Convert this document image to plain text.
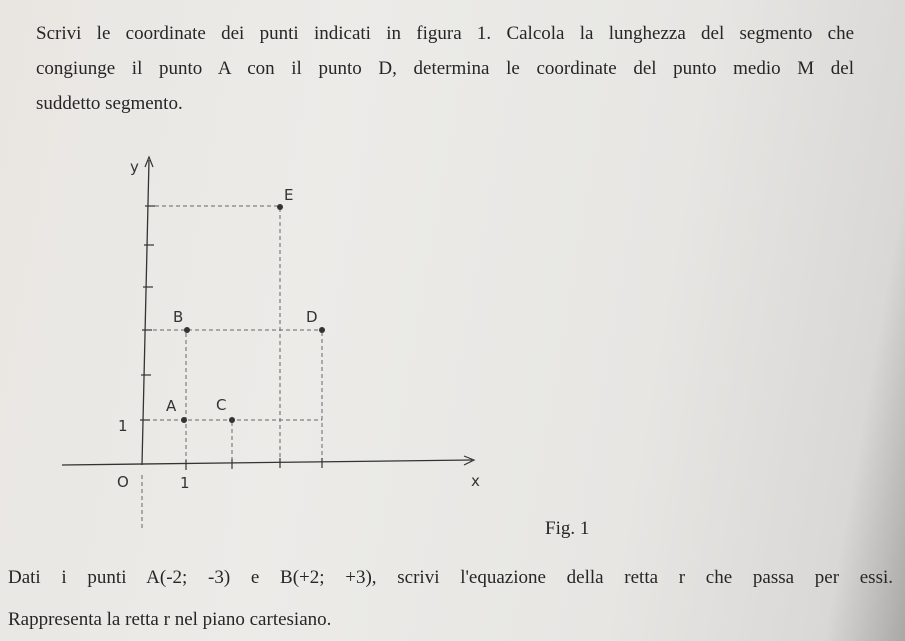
Scrivi le coordinate dei punti indicati in figura 1. Calcola la lunghezza del segmento che
congiunge il punto A con il punto D, determina le coordinate del punto medio M del
suddetto segmento.

y
x
O	1
1
A
B
C
D
E
Fig. 1

Dati i punti A(-2; -3) e B(+2; +3), scrivi l'equazione della retta r che passa per essi.

Rappresenta la retta r nel piano cartesiano.
